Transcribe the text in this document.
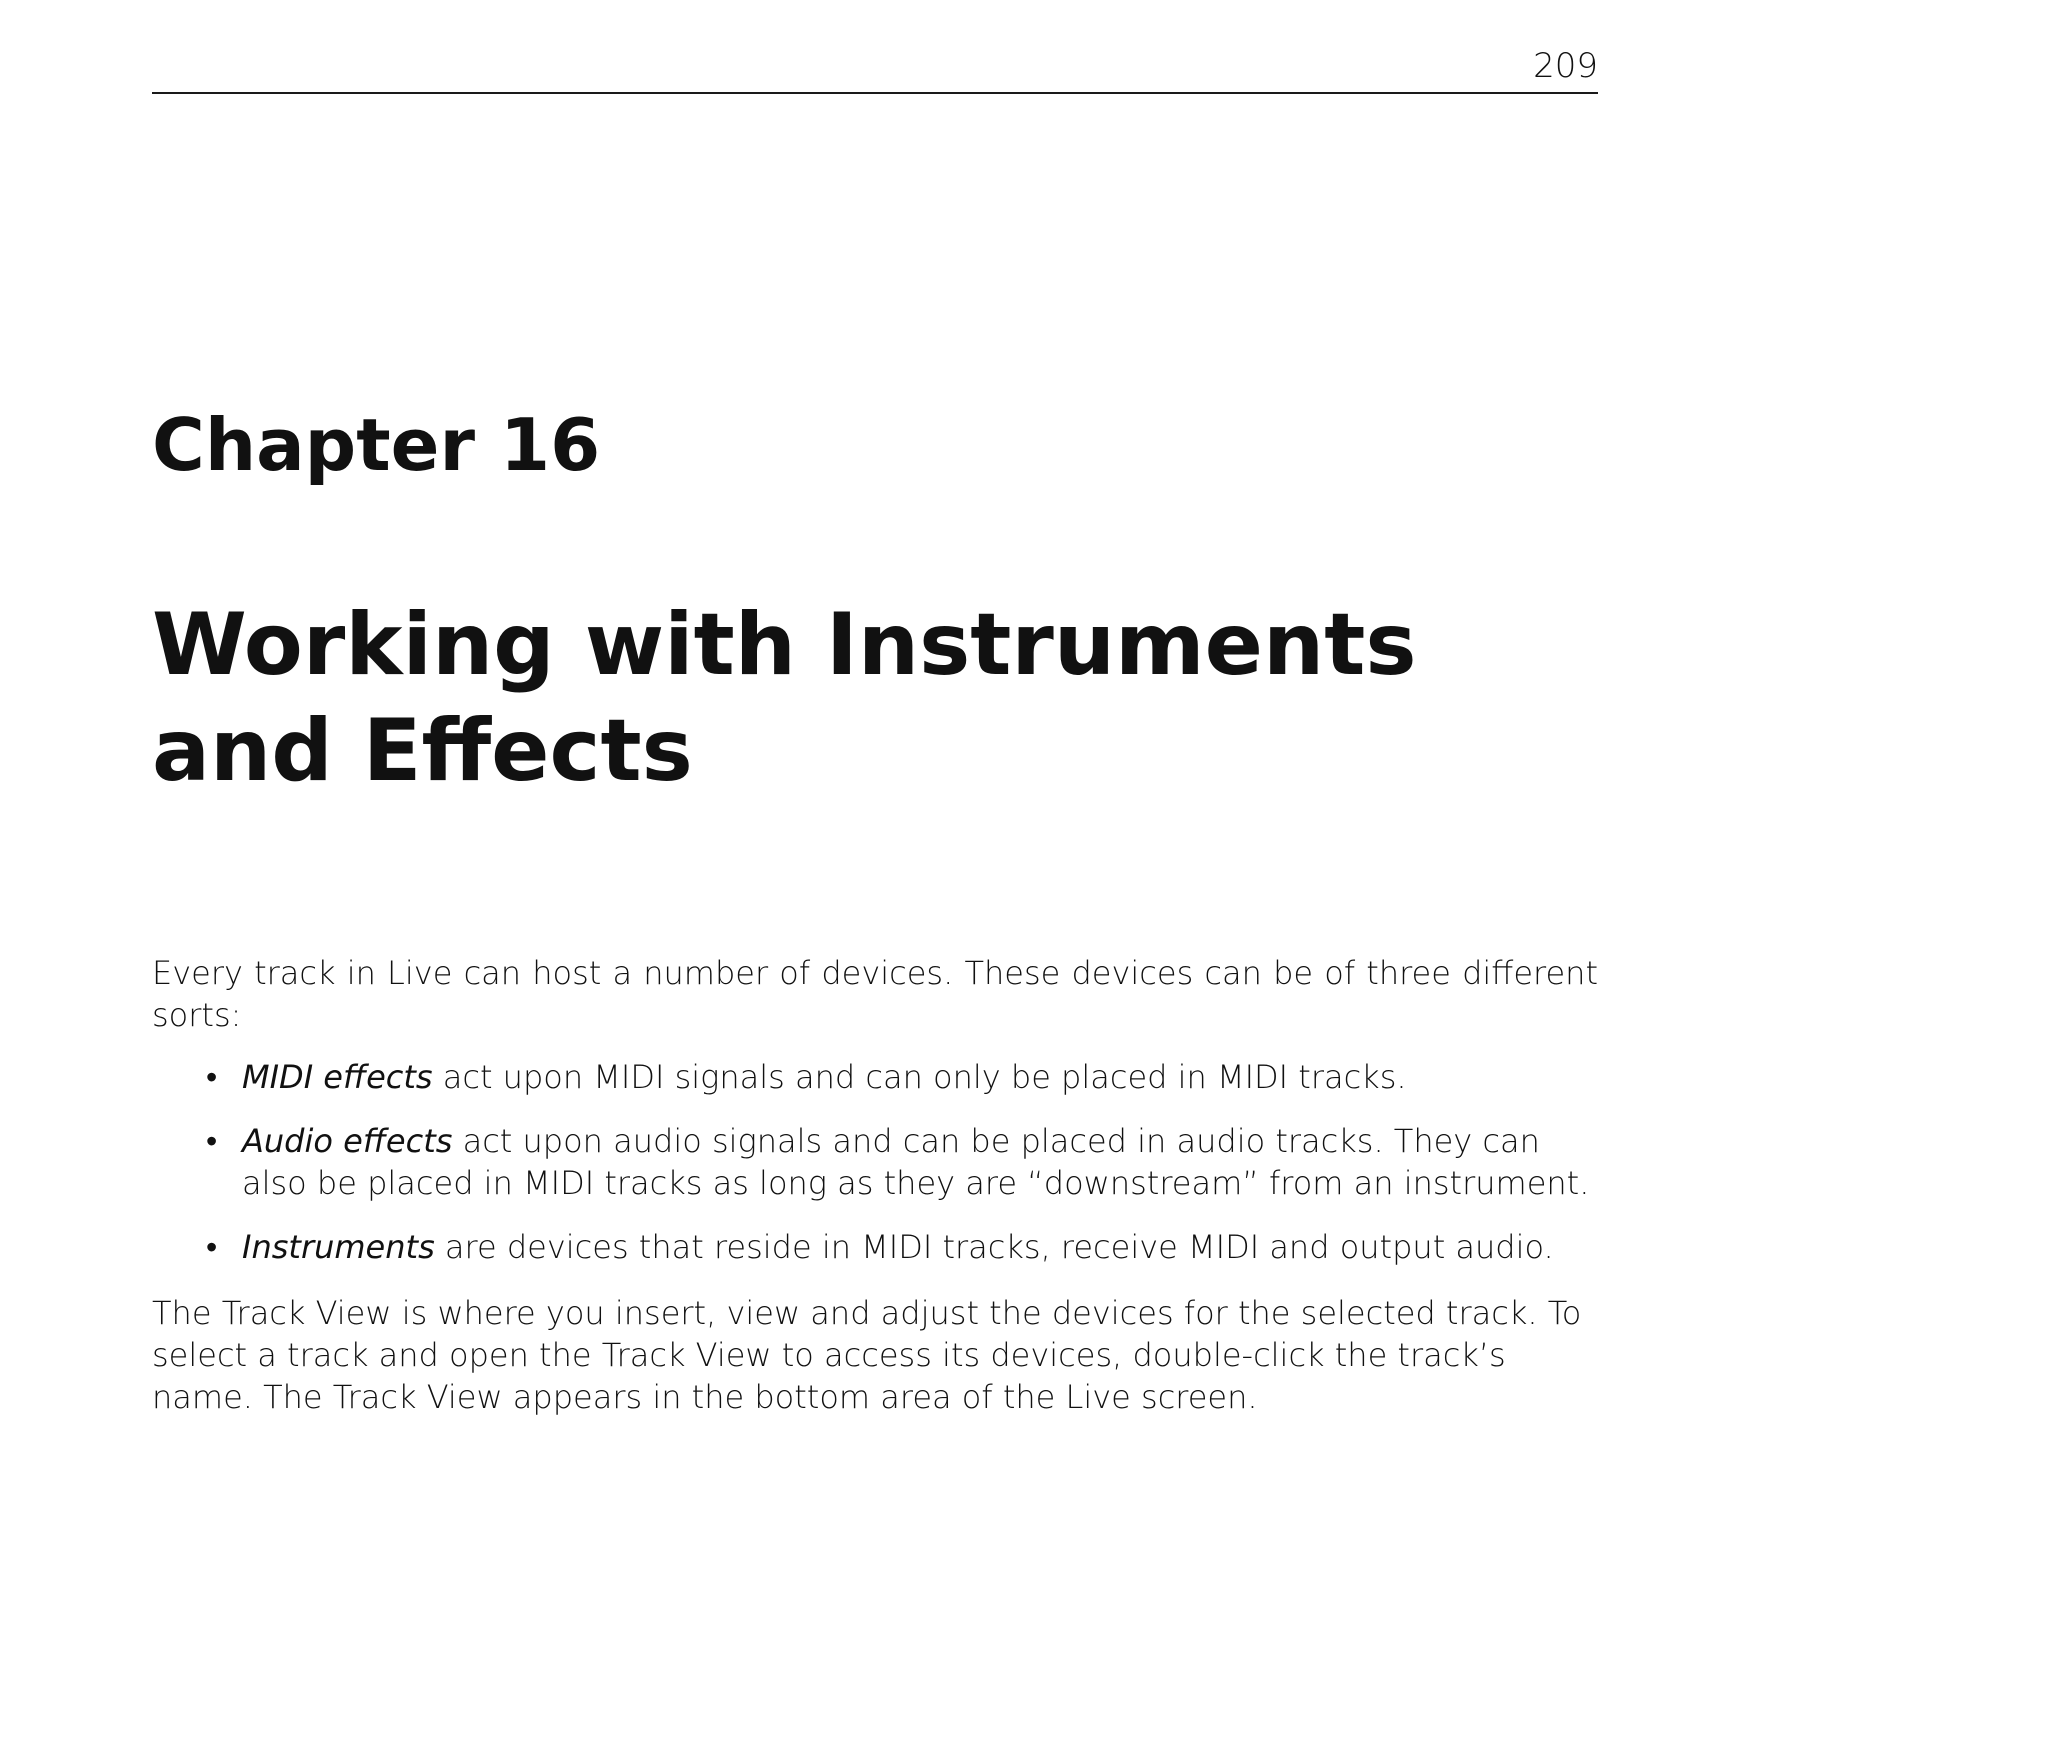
209
Chapter 16
Working with Instruments and Effects

Every track in Live can host a number of devices. These devices can be of three different sorts:

• MIDI effects act upon MIDI signals and can only be placed in MIDI tracks.
• Audio effects act upon audio signals and can be placed in audio tracks. They can also be placed in MIDI tracks as long as they are “downstream” from an instrument.
• Instruments are devices that reside in MIDI tracks, receive MIDI and output audio.

The Track View is where you insert, view and adjust the devices for the selected track. To select a track and open the Track View to access its devices, double-click the track’s name. The Track View appears in the bottom area of the Live screen.
